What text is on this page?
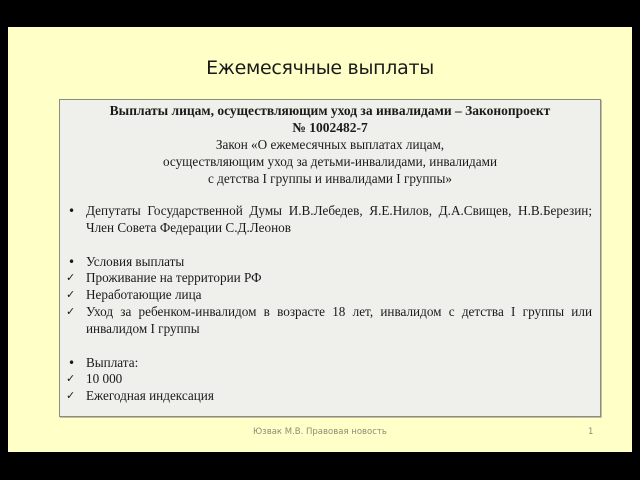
Ежемесячные выплаты
Выплаты лицам, осуществляющим уход за инвалидами – Законопроект
№ 1002482-7
Закон «О ежемесячных выплатах лицам,
осуществляющим уход за детьми-инвалидами, инвалидами
с детства I группы и инвалидами I группы»
• Депутаты Государственной Думы И.В.Лебедев, Я.Е.Нилов, Д.А.Свищев, Н.В.Березин; Член Совета Федерации С.Д.Леонов
• Условия выплаты
✓ Проживание на территории РФ
✓ Неработающие лица
✓ Уход за ребенком-инвалидом в возрасте 18 лет, инвалидом с детства I группы или инвалидом I группы
• Выплата:
✓ 10 000
✓ Ежегодная индексация
Юзвак М.В. Правовая новость	1
